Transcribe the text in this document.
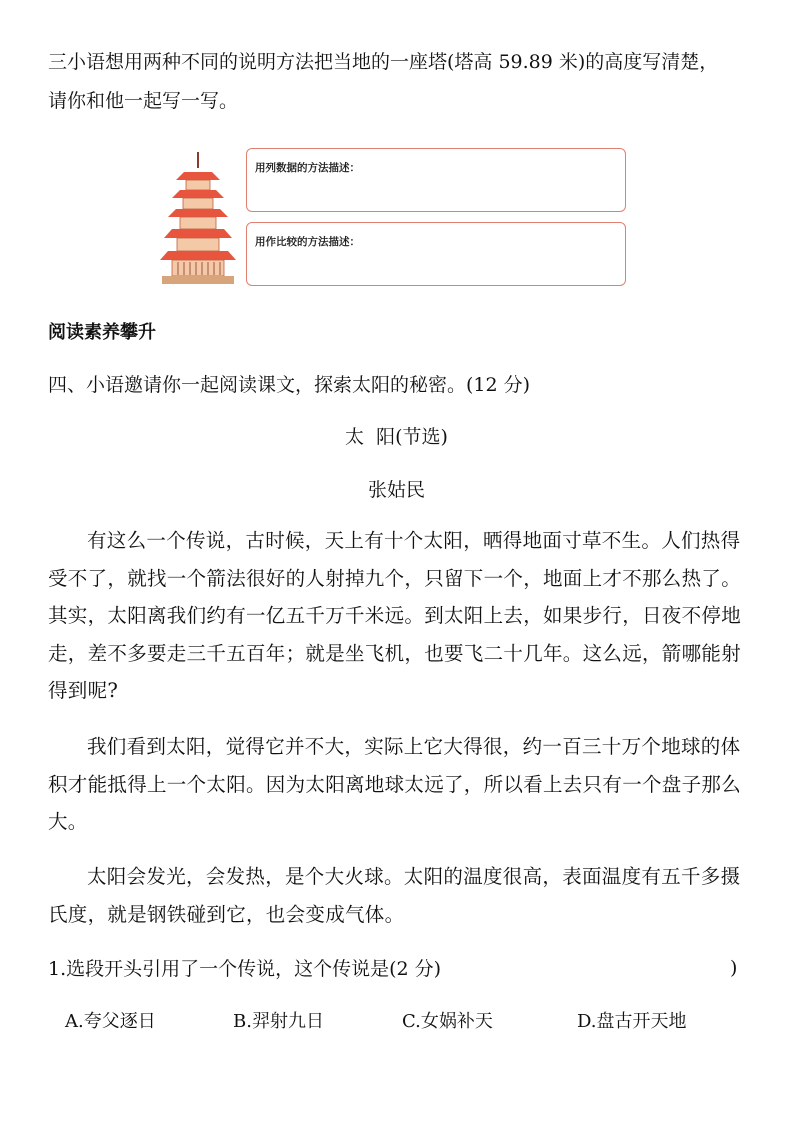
三小语想用两种不同的说明方法把当地的一座塔(塔高 59.89 米)的高度写清楚，
请你和他一起写一写。
用列数据的方法描述：
用作比较的方法描述：
阅读素养攀升
四、小语邀请你一起阅读课文，探索太阳的秘密。(12 分)
太  阳(节选)
张姑民
有这么一个传说，古时候，天上有十个太阳，晒得地面寸草不生。人们热得受不了，就找一个箭法很好的人射掉九个，只留下一个，地面上才不那么热了。其实，太阳离我们约有一亿五千万千米远。到太阳上去，如果步行，日夜不停地走，差不多要走三千五百年；就是坐飞机，也要飞二十几年。这么远，箭哪能射得到呢?
我们看到太阳，觉得它并不大，实际上它大得很，约一百三十万个地球的体积才能抵得上一个太阳。因为太阳离地球太远了，所以看上去只有一个盘子那么大。
太阳会发光，会发热，是个大火球。太阳的温度很高，表面温度有五千多摄氏度，就是钢铁碰到它，也会变成气体。
1.选段开头引用了一个传说，这个传说是(2 分)	)
A.夸父逐日	B.羿射九日	C.女娲补天	D.盘古开天地
